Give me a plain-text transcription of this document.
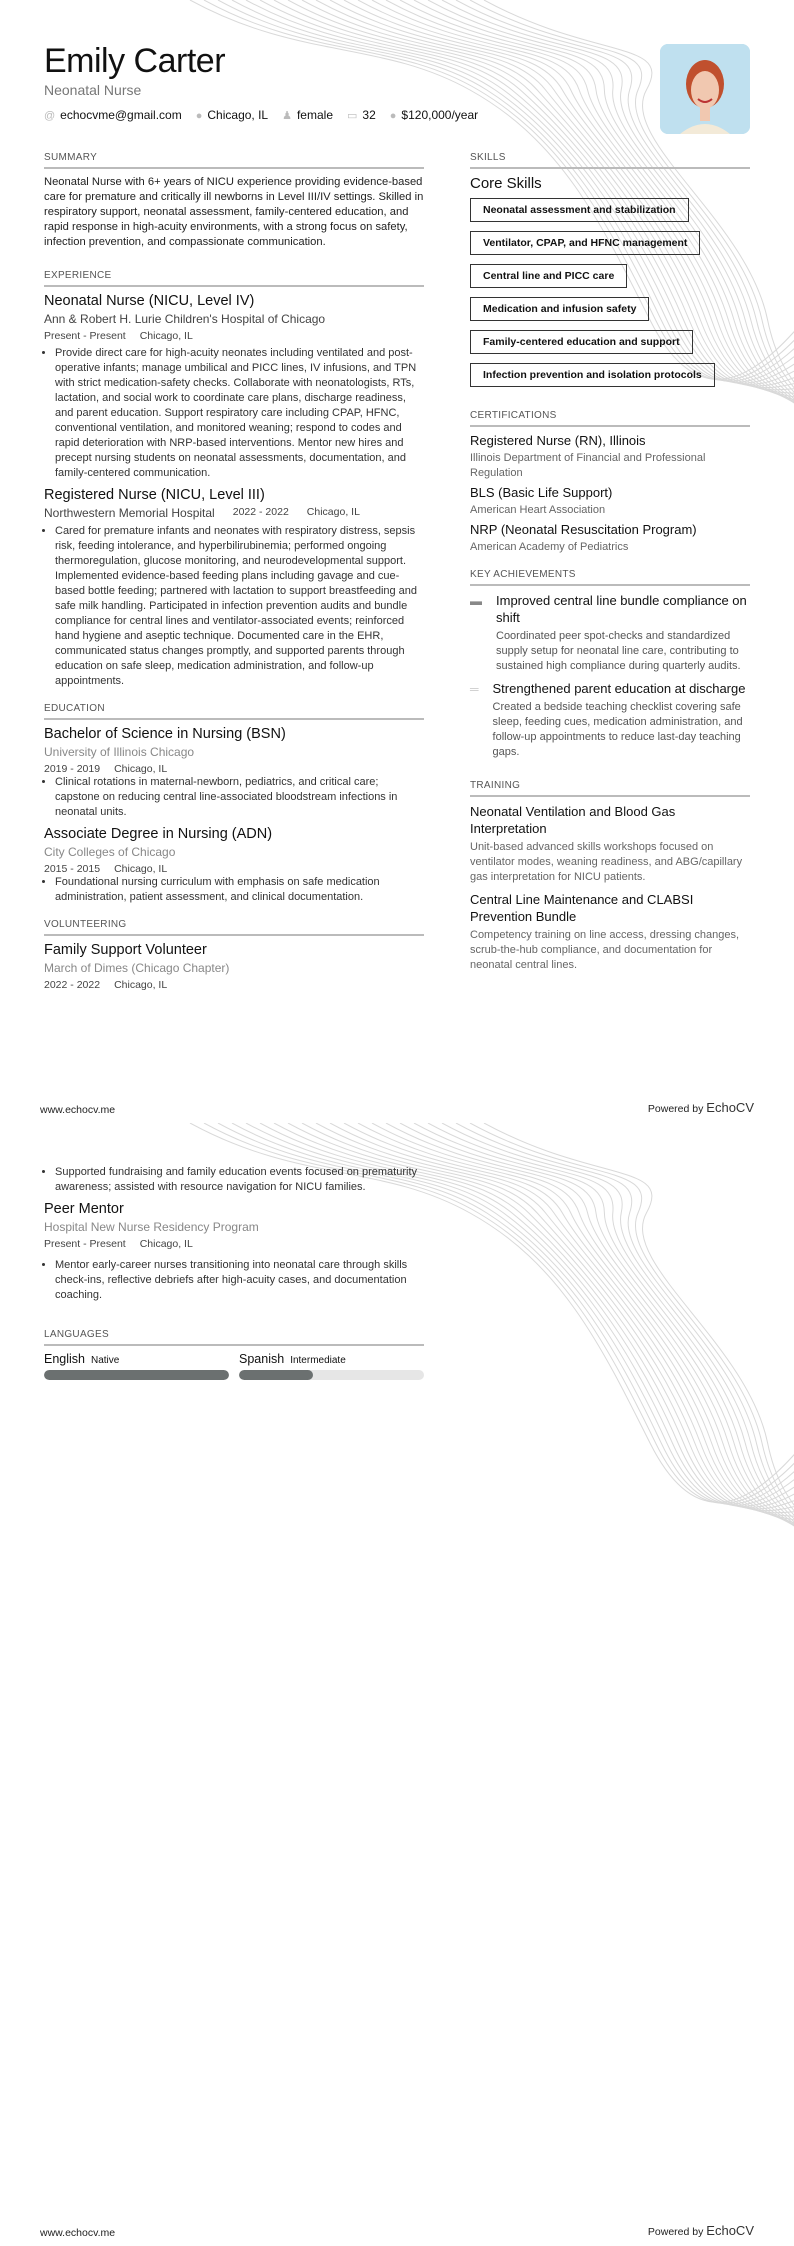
Emily Carter
Neonatal Nurse
@ echocvme@gmail.com ● Chicago, IL ♟ female ▭ 32 ● $120,000/year
SUMMARY

Neonatal Nurse with 6+ years of NICU experience providing evidence-based care for premature and critically ill newborns in Level III/IV settings. Skilled in respiratory support, neonatal assessment, family-centered education, and rapid response in high-acuity environments, with a strong focus on safety, infection prevention, and compassionate communication.

EXPERIENCE
Neonatal Nurse (NICU, Level IV)
Ann & Robert H. Lurie Children's Hospital of Chicago
Present - Present Chicago, IL
• Provide direct care for high-acuity neonates including ventilated and post-operative infants; manage umbilical and PICC lines, IV infusions, and TPN with strict medication-safety checks. Collaborate with neonatologists, RTs, lactation, and social work to coordinate care plans, discharge readiness, and parent education. Support respiratory care including CPAP, HFNC, conventional ventilation, and monitored weaning; respond to codes and rapid deterioration with NRP-based interventions. Mentor new hires and precept nursing students on neonatal assessments, documentation, and family-centered communication.
Registered Nurse (NICU, Level III)
Northwestern Memorial Hospital 2022 - 2022 Chicago, IL
• Cared for premature infants and neonates with respiratory distress, sepsis risk, feeding intolerance, and hyperbilirubinemia; performed ongoing thermoregulation, glucose monitoring, and neurodevelopmental support. Implemented evidence-based feeding plans including gavage and cue-based bottle feeding; partnered with lactation to support breastfeeding and safe milk handling. Participated in infection prevention audits and bundle compliance for central lines and ventilator-associated events; reinforced hand hygiene and aseptic technique. Documented care in the EHR, communicated status changes promptly, and supported parents through education on safe sleep, medication administration, and follow-up appointments.
EDUCATION
Bachelor of Science in Nursing (BSN)
University of Illinois Chicago
2019 - 2019 Chicago, IL
• Clinical rotations in maternal-newborn, pediatrics, and critical care; capstone on reducing central line-associated bloodstream infections in neonatal units.
Associate Degree in Nursing (ADN)
City Colleges of Chicago
2015 - 2015 Chicago, IL
• Foundational nursing curriculum with emphasis on safe medication administration, patient assessment, and clinical documentation.
VOLUNTEERING
Family Support Volunteer
March of Dimes (Chicago Chapter)
2022 - 2022 Chicago, IL
SKILLS
Core Skills
Neonatal assessment and stabilization
Ventilator, CPAP, and HFNC management
Central line and PICC care
Medication and infusion safety
Family-centered education and support
Infection prevention and isolation protocols
CERTIFICATIONS
Registered Nurse (RN), Illinois
Illinois Department of Financial and Professional Regulation
BLS (Basic Life Support)
American Heart Association
NRP (Neonatal Resuscitation Program)
American Academy of Pediatrics
KEY ACHIEVEMENTS
▬ Improved central line bundle compliance on shift
Coordinated peer spot-checks and standardized supply setup for neonatal line care, contributing to sustained high compliance during quarterly audits.
═ Strengthened parent education at discharge
Created a bedside teaching checklist covering safe sleep, feeding cues, medication administration, and follow-up appointments to reduce last-day teaching gaps.
TRAINING
Neonatal Ventilation and Blood Gas Interpretation
Unit-based advanced skills workshops focused on ventilator modes, weaning readiness, and ABG/capillary gas interpretation for NICU patients.
Central Line Maintenance and CLABSI Prevention Bundle
Competency training on line access, dressing changes, scrub-the-hub compliance, and documentation for neonatal central lines.
www.echocv.me	Powered by EchoCV
• Supported fundraising and family education events focused on prematurity awareness; assisted with resource navigation for NICU families.
Peer Mentor
Hospital New Nurse Residency Program
Present - Present Chicago, IL
• Mentor early-career nurses transitioning into neonatal care through skills check-ins, reflective debriefs after high-acuity cases, and documentation coaching.
LANGUAGES
English Native	Spanish Intermediate
www.echocv.me	Powered by EchoCV
